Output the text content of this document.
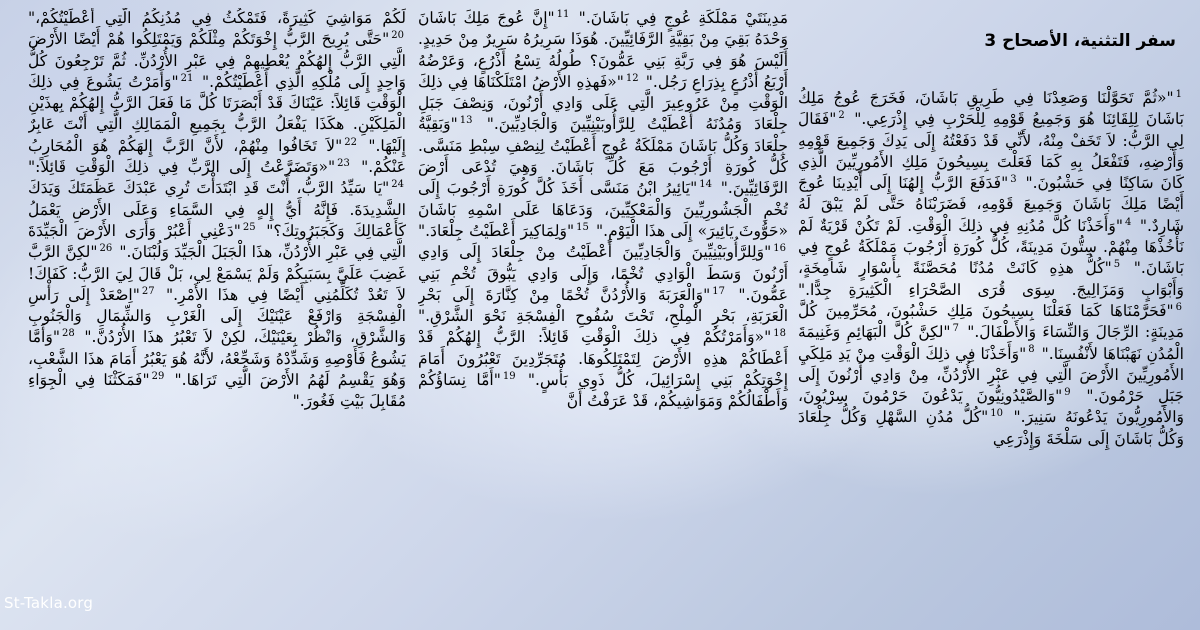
سفر التثنية، الأصحاح 3
$^1$"«ثُمَّ تَحَوَّلْنَا وَصَعِدْنَا فِي طَرِيقِ بَاشَانَ، فَخَرَجَ عُوجُ مَلِكُ بَاشَانَ لِلِقَائِنَا هُوَ وَجَمِيعُ قَوْمِهِ لِلْحَرْبِ فِي إِذْرَعِي." $^2$"فَقَالَ لِي الرَّبُّ: لاَ تَخَفْ مِنْهُ، لأَنِّي قَدْ دَفَعْتُهُ إِلَى يَدِكَ وَجَمِيعَ قَوْمِهِ وَأَرْضِهِ، فَتَفْعَلُ بِهِ كَمَا فَعَلْتَ بِسِيحُونَ مَلِكِ الأَمُورِيِّينَ الَّذِي كَانَ سَاكِنًا فِي حَشْبُونَ." $^3$"فَدَفَعَ الرَّبُّ إِلهُنَا إِلَى أَيْدِينَا عُوجَ أَيْضًا مَلِكَ بَاشَانَ وَجَمِيعَ قَوْمِهِ، فَضَرَبْنَاهُ حَتَّى لَمْ يَبْقَ لَهُ شَارِدٌ." $^4$"وَأَخَذْنَا كُلَّ مُدُنِهِ فِي ذلِكَ الْوَقْتِ. لَمْ تَكُنْ قَرْيَةٌ لَمْ نَأْخُذْهَا مِنْهُمْ. سِتُّونَ مَدِينَةً، كُلُّ كُورَةِ أَرْجُوبَ مَمْلَكَةُ عُوجٍ فِي بَاشَانَ." $^5$"كُلُّ هذِهِ كَانَتْ مُدُنًا مُحَصَّنَةً بِأَسْوَارٍ شَامِخَةٍ، وَأَبْوَابٍ وَمَزَالِيجَ. سِوَى قُرَى الصَّحْرَاءِ الْكَثِيرَةِ جِدًّا." $^6$"فَحَرَّمْنَاهَا كَمَا فَعَلْنَا بِسِيحُونَ مَلِكِ حَشْبُونَ، مُحَرِّمِينَ كُلَّ مَدِينَةٍ: الرِّجَالَ وَالنِّسَاءَ وَالأَطْفَالَ." $^7$"لكِنَّ كُلَّ الْبَهَائِمِ وَغَنِيمَةَ الْمُدُنِ نَهَبْنَاهَا لأَنْفُسِنَا." $^8$"وَأَخَذْنَا فِي ذلِكَ الْوَقْتِ مِنْ يَدِ مَلِكَيِ الأَمُورِيِّينَ الأَرْضَ الَّتِي فِي عَبْرِ الأُرْدُنِّ، مِنْ وَادِي أَرْنُونَ إِلَى جَبَلِ حَرْمُونَ." $^9$"وَالصَّيْدُونِيُّونَ يَدْعُونَ حَرْمُونَ سِرْيُونَ، وَالأَمُورِيُّونَ يَدْعُونَهُ سَنِيرَ." $^{10}$"كُلُّ مُدُنِ السَّهْلِ وَكُلُّ جِلْعَادَ وَكُلُّ بَاشَانَ إِلَى سَلْخَةَ وَإِذْرَعِي
مَدِينَتَيْ مَمْلَكَةِ عُوجٍ فِي بَاشَانَ." $^{11}$"إِنَّ عُوجَ مَلِكَ بَاشَانَ وَحْدَهُ بَقِيَ مِنْ بَقِيَّةِ الرَّفَائِيِّينَ. هُوَذَا سَرِيرُهُ سَرِيرٌ مِنْ حَدِيدٍ. أَلَيْسَ هُوَ فِي رَبَّةِ بَنِي عَمُّونَ؟ طُولُهُ تِسْعُ أَذْرُعٍ، وَعَرْضُهُ أَرْبَعُ أَذْرُعٍ بِذِرَاعِ رَجُل." $^{12}$"«فَهذِهِ الأَرْضُ امْتَلَكْنَاهَا فِي ذلِكَ الْوَقْتِ مِنْ عَرُوعِيرَ الَّتِي عَلَى وَادِي أَرْنُونَ، وَنِصْفَ جَبَلِ جِلْعَادَ وَمُدُنَهُ أَعْطَيْتُ لِلرَّأُوبَيْنِيِّينَ وَالْجَادِيِّينَ." $^{13}$"وَبَقِيَّةُ جِلْعَادَ وَكُلُّ بَاشَانَ مَمْلَكَةُ عُوجٍ أَعْطَيْتُ لِنِصْفِ سِبْطِ مَنَسَّى. كُلُّ كُورَةِ أَرْجُوبَ مَعَ كُلِّ بَاشَانَ. وَهِيَ تُدْعَى أَرْضَ الرَّفَائِيِّينَ." $^{14}$"يَائِيرُ ابْنُ مَنَسَّى أَخَذَ كُلَّ كُورَةِ أَرْجُوبَ إِلَى تُخْمِ الْجَشُورِيِّينَ وَالْمَعْكِيِّينَ، وَدَعَاهَا عَلَى اسْمِهِ بَاشَانَ «حَوُّوثَ يَائِيرَ» إِلَى هذَا الْيَوْمِ." $^{15}$"وَلِمَاكِيرَ أَعْطَيْتُ جِلْعَادَ." $^{16}$"وَلِلرَّأُوبَيْنِيِّينَ وَالْجَادِيِّينَ أَعْطَيْتُ مِنْ جِلْعَادَ إِلَى وَادِي أَرْنُونَ وَسَطَ الْوَادِي تُخْمًا، وَإِلَى وَادِي يَبُّوقَ تُخْمِ بَنِي عَمُّونَ." $^{17}$"وَالْعَرَبَةَ وَالأُرْدُنَّ تُخْمًا مِنْ كِنَّارَةَ إِلَى بَحْرِ الْعَرَبَةِ، بَحْرِ الْمِلْحِ، تَحْتَ سُفُوحِ الْفِسْجَةِ نَحْوَ الشَّرْقِ." $^{18}$"«وَأَمَرْتُكُمْ فِي ذلِكَ الْوَقْتِ قَائِلاً: الرَّبُّ إِلهُكُمْ قَدْ أَعْطَاكُمْ هذِهِ الأَرْضَ لِتَمْتَلِكُوهَا. مُتَجَرِّدِينَ تَعْبُرُونَ أَمَامَ إِخْوَتِكُمْ بَنِي إِسْرَائِيلَ، كُلُّ ذَوِي بَأْسٍ." $^{19}$"أَمَّا نِسَاؤُكُمْ وَأَطْفَالُكُمْ وَمَوَاشِيكُمْ، قَدْ عَرَفْتُ أَنَّ
لَكُمْ مَوَاشِيَ كَثِيرَةً، فَتَمْكُثُ فِي مُدُنِكُمُ الَّتِي أَعْطَيْتُكُمْ،" $^{20}$"حَتَّى يُرِيحَ الرَّبُّ إِخْوَتَكُمْ مِثْلَكُمْ وَيَمْتَلِكُوا هُمْ أَيْضًا الأَرْضَ الَّتِي الرَّبُّ إِلهُكُمْ يُعْطِيهِمْ فِي عَبْرِ الأُرْدُنِّ. ثُمَّ تَرْجِعُونَ كُلُّ وَاحِدٍ إِلَى مُلْكِهِ الَّذِي أَعْطَيْتُكُمْ." $^{21}$"وَأَمَرْتُ يَشُوعَ فِي ذلِكَ الْوَقْتِ قَائِلاً: عَيْنَاكَ قَدْ أَبْصَرَتَا كُلَّ مَا فَعَلَ الرَّبُّ إِلهُكُمْ بِهذَيْنِ الْمَلِكَيْنِ. هكَذَا يَفْعَلُ الرَّبُّ بِجَمِيعِ الْمَمَالِكِ الَّتِي أَنْتَ عَابِرٌ إِلَيْهَا." $^{22}$"لاَ تَخَافُوا مِنْهُمْ، لأَنَّ الرَّبَّ إِلهَكُمْ هُوَ الْمُحَارِبُ عَنْكُمْ." $^{23}$"«وَتَضَرَّعْتُ إِلَى الرَّبِّ فِي ذلِكَ الْوَقْتِ قَائِلاً:" $^{24}$"يَا سَيِّدُ الرَّبُّ، أَنْتَ قَدِ ابْتَدَأْتَ تُرِي عَبْدَكَ عَظَمَتَكَ وَيَدَكَ الشَّدِيدَةَ. فَإِنَّهُ أَيُّ إِلهٍ فِي السَّمَاءِ وَعَلَى الأَرْضِ يَعْمَلُ كَأَعْمَالِكَ وَكَجَبَرُوتِكَ؟" $^{25}$"دَعْنِي أَعْبُرْ وَأَرَى الأَرْضَ الْجَيِّدَةَ الَّتِي فِي عَبْرِ الأُرْدُنِّ، هذَا الْجَبَلَ الْجَيِّدَ وَلُبْنَانَ." $^{26}$"لكِنَّ الرَّبَّ غَضِبَ عَلَيَّ بِسَبَبِكُمْ وَلَمْ يَسْمَعْ لِي، بَلْ قَالَ لِيَ الرَّبُّ: كَفَاكَ! لاَ تَعُدْ تُكَلِّمُنِي أَيْضًا فِي هذَا الأَمْرِ." $^{27}$"اِصْعَدْ إِلَى رَأْسِ الْفِسْجَةِ وَارْفَعْ عَيْنَيْكَ إِلَى الْغَرْبِ وَالشِّمَالِ وَالْجَنُوبِ وَالشَّرْقِ، وَانْظُرْ بِعَيْنَيْكَ، لكِنْ لاَ تَعْبُرُ هذَا الأُرْدُنَّ." $^{28}$"وَأَمَّا يَشُوعُ فَأَوْصِهِ وَشَدِّدْهُ وَشَجِّعْهُ، لأَنَّهُ هُوَ يَعْبُرُ أَمَامَ هذَا الشَّعْبِ، وَهُوَ يَقْسِمُ لَهُمُ الأَرْضَ الَّتِي تَرَاهَا." $^{29}$"فَمَكَثْنَا فِي الْجِوَاءِ مُقَابِلَ بَيْتِ فَغُورَ."
St-Takla.org
